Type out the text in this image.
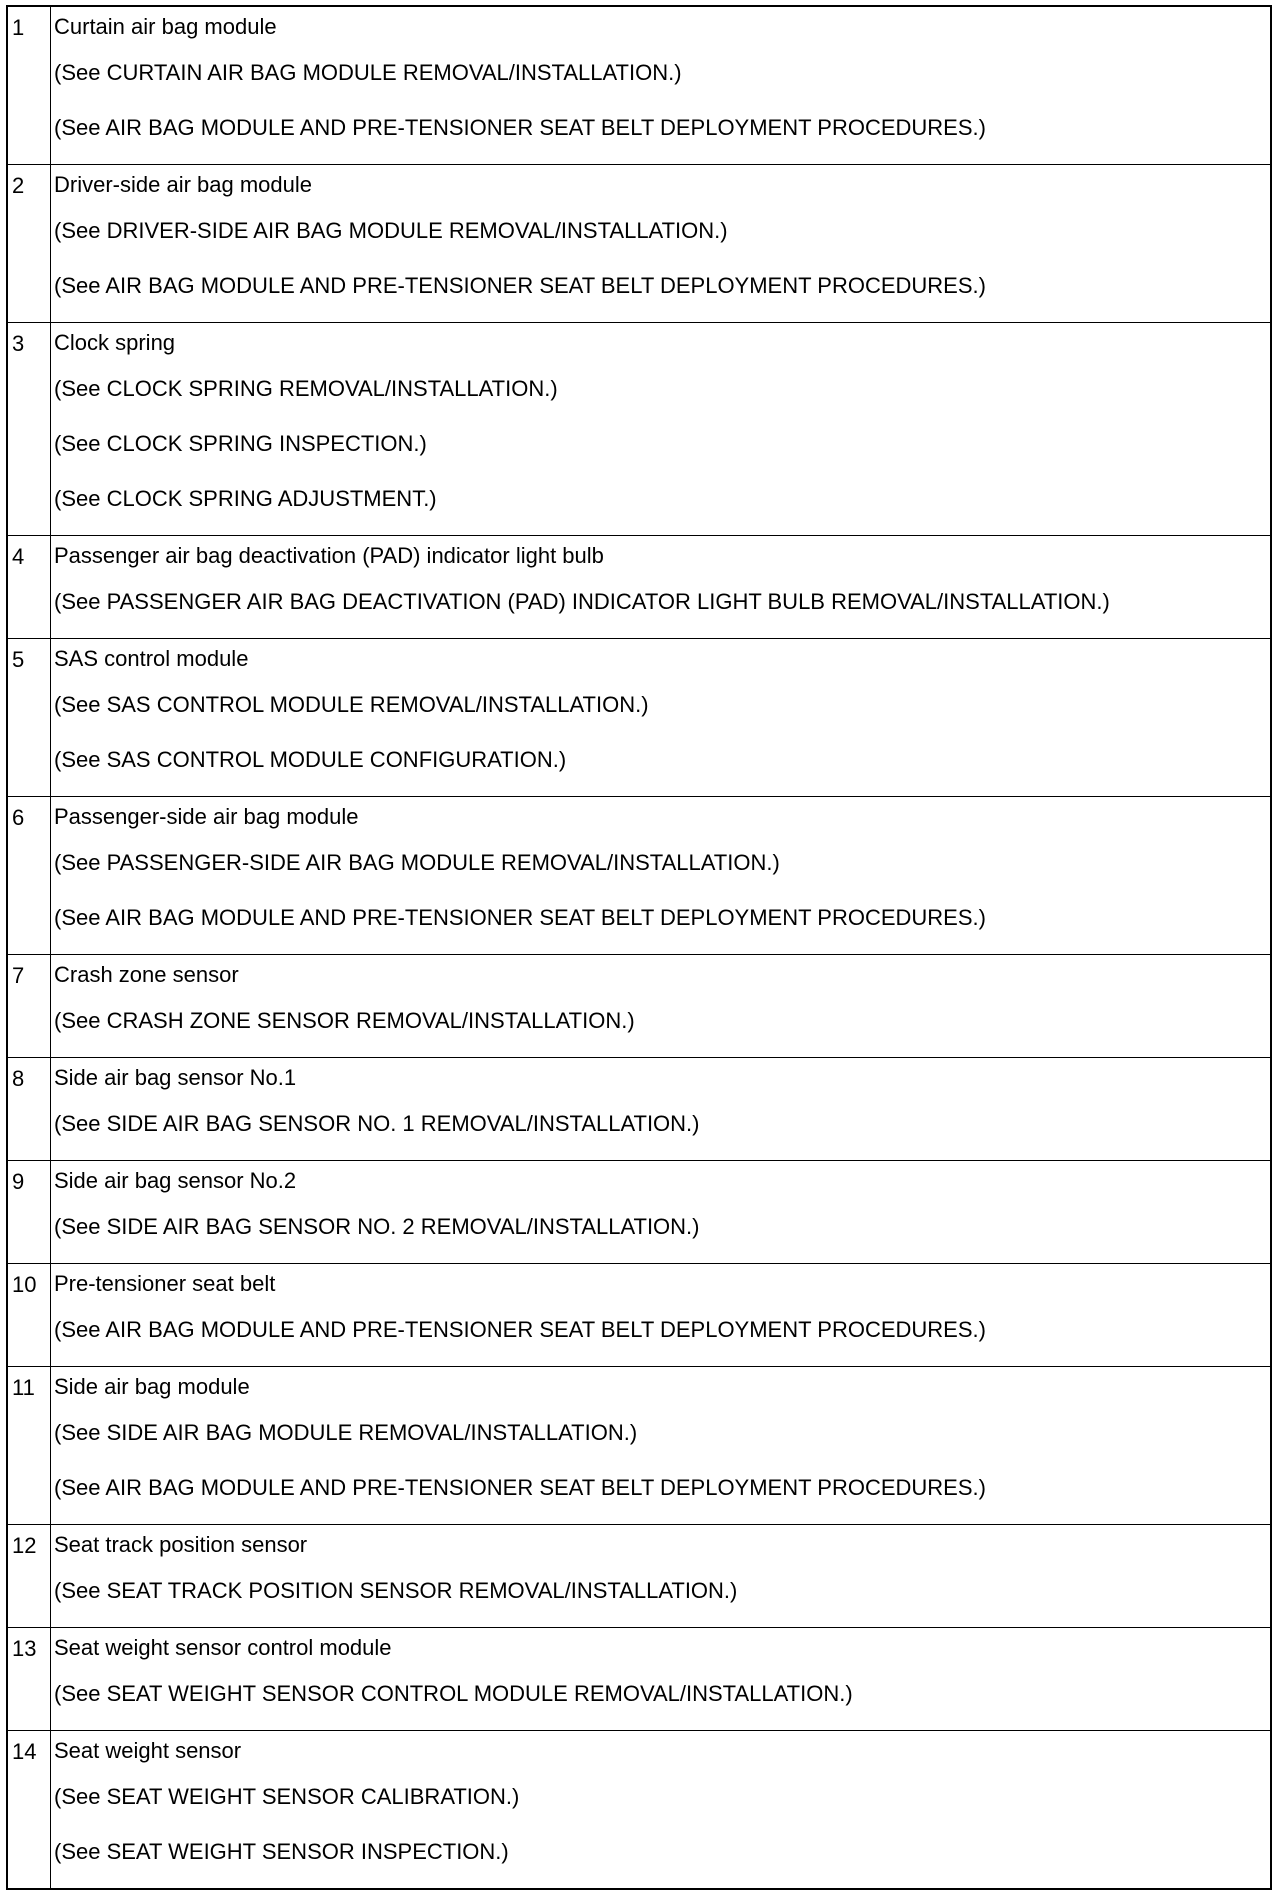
1	Curtain air bag module
(See CURTAIN AIR BAG MODULE REMOVAL/INSTALLATION.)
(See AIR BAG MODULE AND PRE-TENSIONER SEAT BELT DEPLOYMENT PROCEDURES.)

2	Driver-side air bag module
(See DRIVER-SIDE AIR BAG MODULE REMOVAL/INSTALLATION.)
(See AIR BAG MODULE AND PRE-TENSIONER SEAT BELT DEPLOYMENT PROCEDURES.)

3	Clock spring
(See CLOCK SPRING REMOVAL/INSTALLATION.)
(See CLOCK SPRING INSPECTION.)
(See CLOCK SPRING ADJUSTMENT.)

4	Passenger air bag deactivation (PAD) indicator light bulb
(See PASSENGER AIR BAG DEACTIVATION (PAD) INDICATOR LIGHT BULB REMOVAL/INSTALLATION.)

5	SAS control module
(See SAS CONTROL MODULE REMOVAL/INSTALLATION.)
(See SAS CONTROL MODULE CONFIGURATION.)

6	Passenger-side air bag module
(See PASSENGER-SIDE AIR BAG MODULE REMOVAL/INSTALLATION.)
(See AIR BAG MODULE AND PRE-TENSIONER SEAT BELT DEPLOYMENT PROCEDURES.)

7	Crash zone sensor
(See CRASH ZONE SENSOR REMOVAL/INSTALLATION.)

8	Side air bag sensor No.1
(See SIDE AIR BAG SENSOR NO. 1 REMOVAL/INSTALLATION.)

9	Side air bag sensor No.2
(See SIDE AIR BAG SENSOR NO. 2 REMOVAL/INSTALLATION.)

10	Pre-tensioner seat belt
(See AIR BAG MODULE AND PRE-TENSIONER SEAT BELT DEPLOYMENT PROCEDURES.)

11	Side air bag module
(See SIDE AIR BAG MODULE REMOVAL/INSTALLATION.)
(See AIR BAG MODULE AND PRE-TENSIONER SEAT BELT DEPLOYMENT PROCEDURES.)

12	Seat track position sensor
(See SEAT TRACK POSITION SENSOR REMOVAL/INSTALLATION.)

13	Seat weight sensor control module
(See SEAT WEIGHT SENSOR CONTROL MODULE REMOVAL/INSTALLATION.)

14	Seat weight sensor
(See SEAT WEIGHT SENSOR CALIBRATION.)
(See SEAT WEIGHT SENSOR INSPECTION.)
